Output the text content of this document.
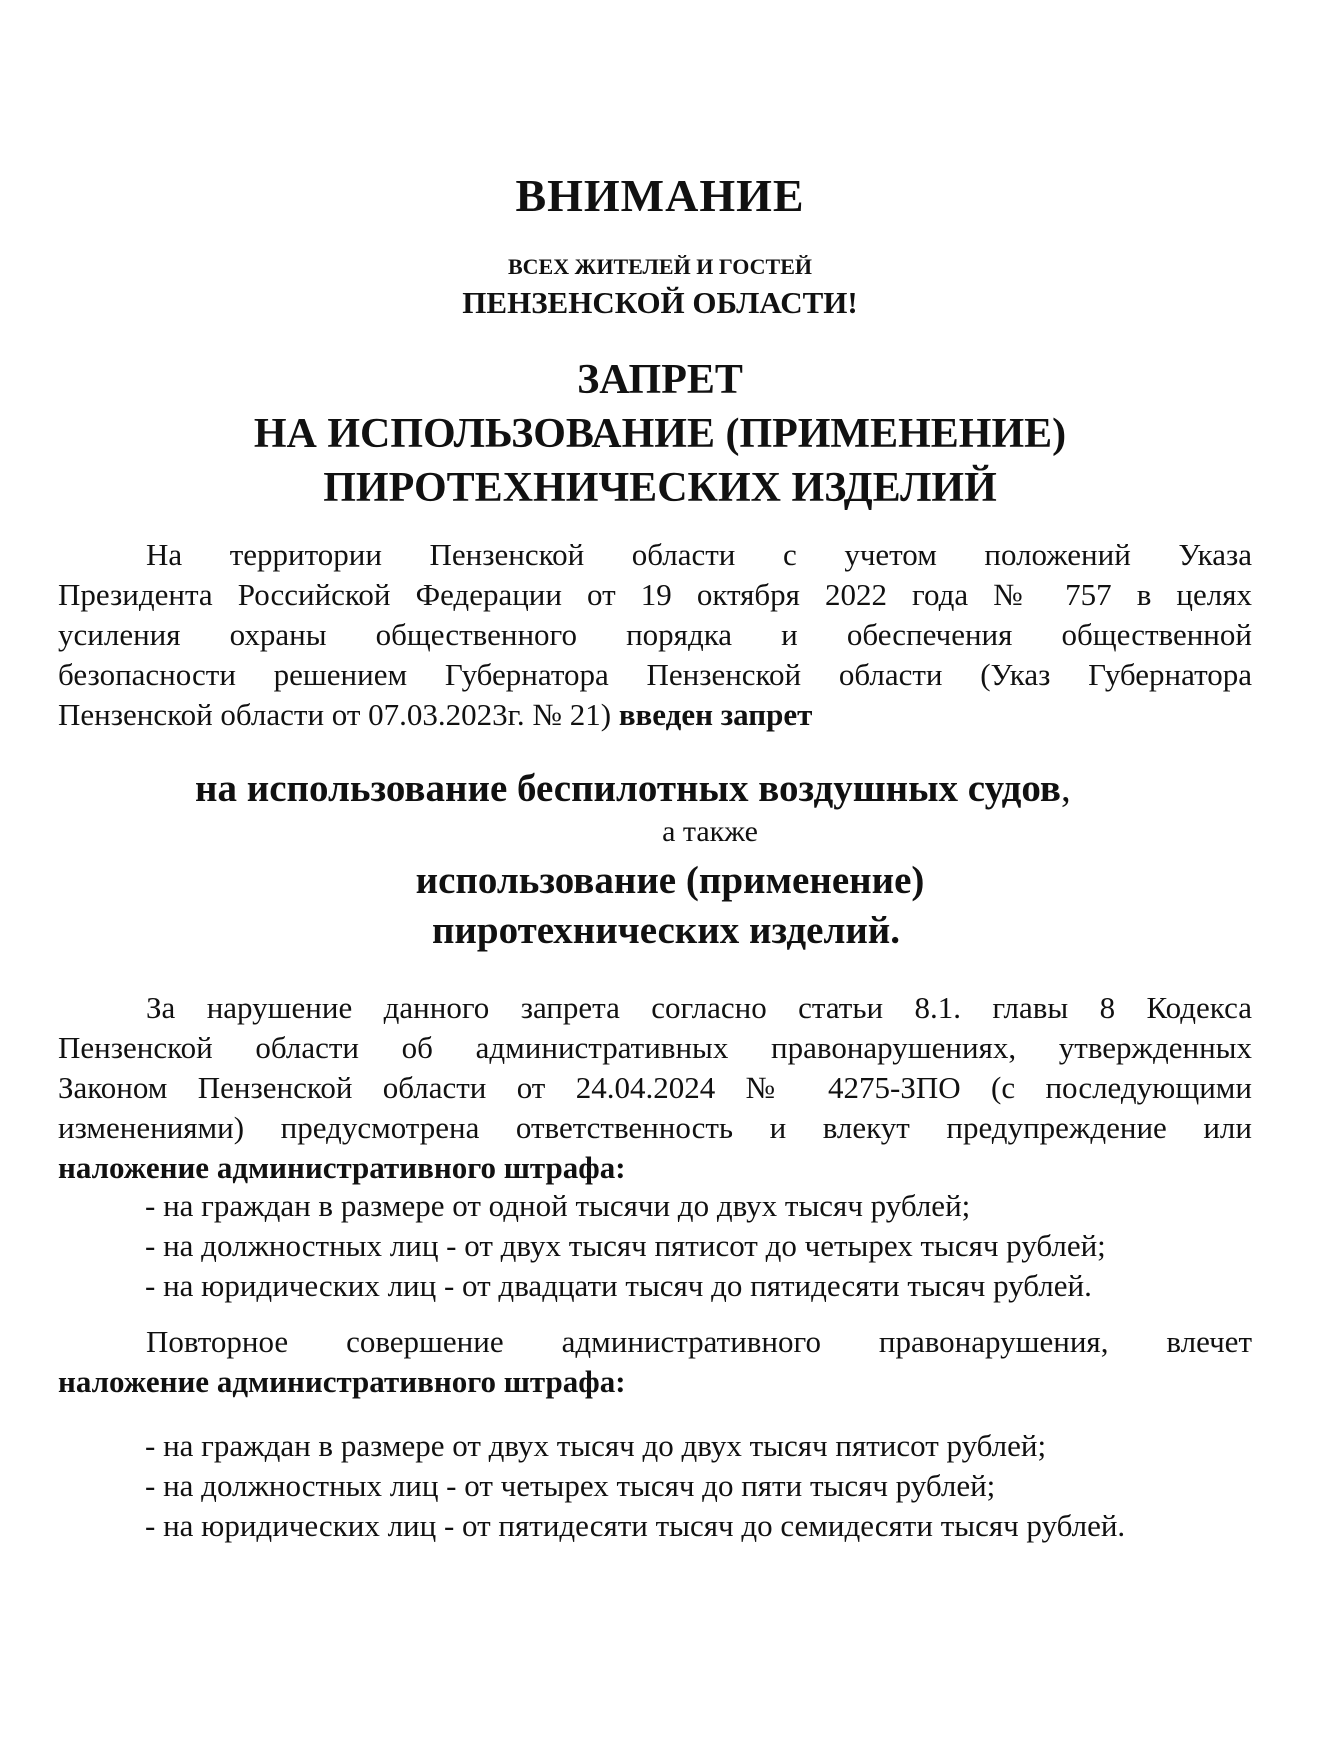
ВНИМАНИЕ
ВСЕХ ЖИТЕЛЕЙ И ГОСТЕЙ
ПЕНЗЕНСКОЙ ОБЛАСТИ!
ЗАПРЕТ
НА ИСПОЛЬЗОВАНИЕ (ПРИМЕНЕНИЕ)
ПИРОТЕХНИЧЕСКИХ ИЗДЕЛИЙ
На территории Пензенской области с учетом положений Указа
Президента Российской Федерации от 19 октября 2022 года № 757 в целях
усиления охраны общественного порядка и обеспечения общественной
безопасности решением Губернатора Пензенской области (Указ Губернатора
Пензенской области от 07.03.2023г. № 21) введен запрет
на использование беспилотных воздушных судов,
а также
использование (применение)
пиротехнических изделий.
За нарушение данного запрета согласно статьи 8.1. главы 8 Кодекса
Пензенской области об административных правонарушениях, утвержденных
Законом Пензенской области от 24.04.2024 № 4275-ЗПО (с последующими
изменениями) предусмотрена ответственность и влекут предупреждение или
наложение административного штрафа:
- на граждан в размере от одной тысячи до двух тысяч рублей;
- на должностных лиц - от двух тысяч пятисот до четырех тысяч рублей;
- на юридических лиц - от двадцати тысяч до пятидесяти тысяч рублей.
Повторное совершение административного правонарушения, влечет
наложение административного штрафа:
- на граждан в размере от двух тысяч до двух тысяч пятисот рублей;
- на должностных лиц - от четырех тысяч до пяти тысяч рублей;
- на юридических лиц - от пятидесяти тысяч до семидесяти тысяч рублей.
